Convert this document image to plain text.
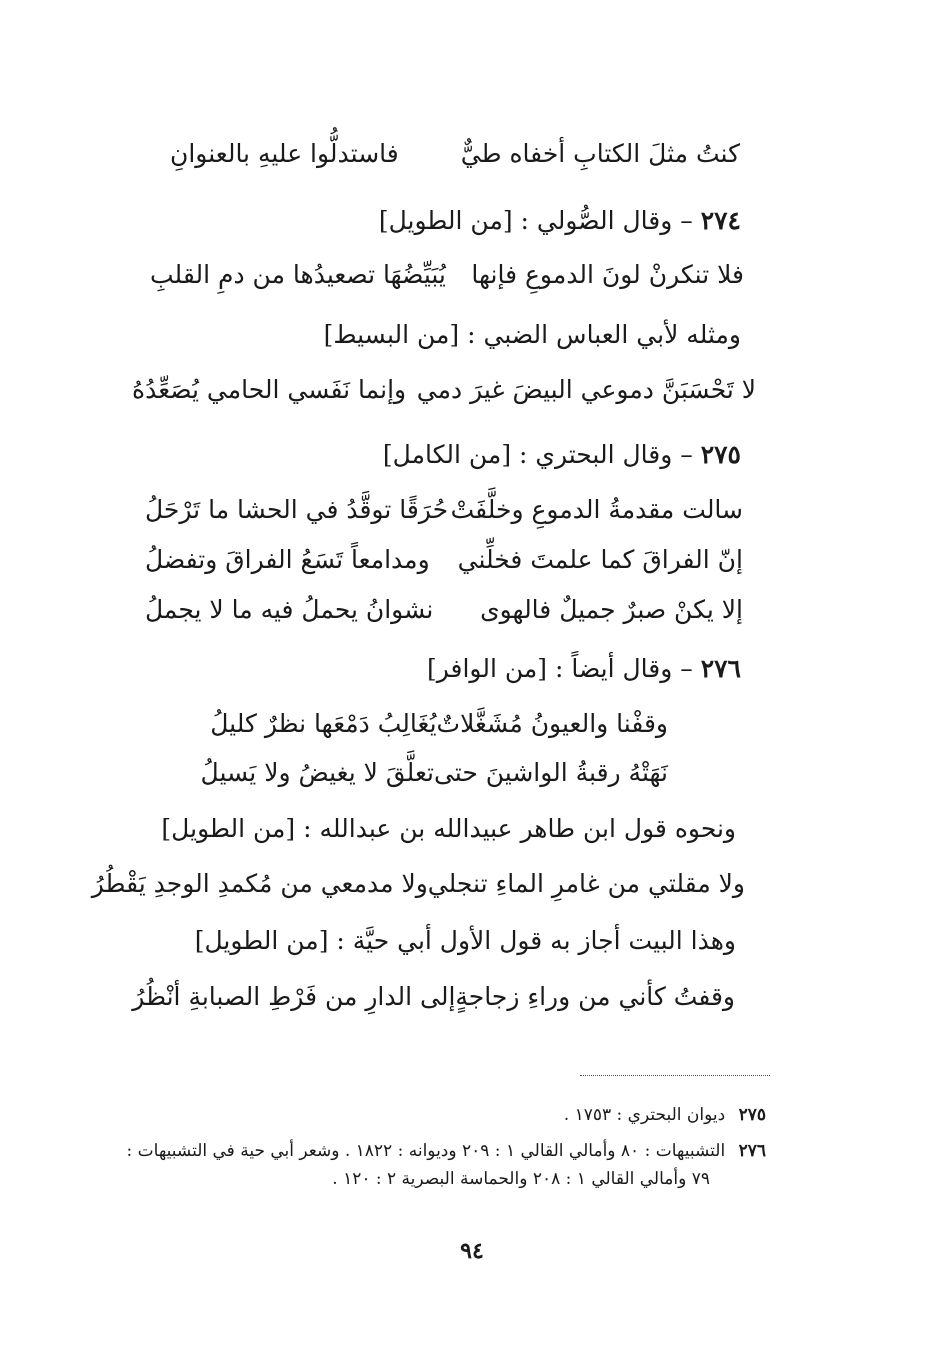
كنتُ مثلَ الكتابِ أخفاه طيٌّ
فاستدلُّوا عليهِ بالعنوانِ
٢٧٤ – وقال الصُّولي : [من الطويل]
فلا تنكرنْ لونَ الدموعِ فإنها
يُبَيِّضُهَا تصعيدُها من دمِ القلبِ
ومثله لأبي العباس الضبي : [من البسيط]
لا تَحْسَبَنَّ دموعي البيضَ غيرَ دمي
وإنما نَفَسي الحامي يُصَعِّدُهُ
٢٧٥ – وقال البحتري : [من الكامل]
سالت مقدمةُ الدموعِ وخلَّفَتْ
حُرَقًا توقَّدُ في الحشا ما تَرْحَلُ
إنّ الفراقَ كما علمتَ فخلِّني
ومدامعاً تَسَعُ الفراقَ وتفضلُ
إلا يكنْ صبرٌ جميلٌ فالهوى
نشوانُ يحملُ فيه ما لا يجملُ
٢٧٦ – وقال أيضاً : [من الوافر]
وقفْنا والعيونُ مُشَغَّلاتٌ
يُغَالِبُ دَمْعَها نظرٌ كليلُ
نَهَتْهُ رقبةُ الواشينَ حتى
تعلَّقَ لا يغيضُ ولا يَسيلُ
ونحوه قول ابن طاهر عبيدالله بن عبدالله : [من الطويل]
ولا مقلتي من غامرِ الماءِ تنجلي
ولا مدمعي من مُكمدِ الوجدِ يَقْطُرُ
وهذا البيت أجاز به قول الأول أبي حيَّة : [من الطويل]
وقفتُ كأني من وراءِ زجاجةٍ
إلى الدارِ من فَرْطِ الصبابةِ أنْظُرُ
٢٧٥ ديوان البحتري : ١٧٥٣ .
٢٧٦ التشبيهات : ٨٠ وأمالي القالي ١ : ٢٠٩ وديوانه : ١٨٢٢ . وشعر أبي حية في التشبيهات :
٧٩ وأمالي القالي ١ : ٢٠٨ والحماسة البصرية ٢ : ١٢٠ .
٩٤
